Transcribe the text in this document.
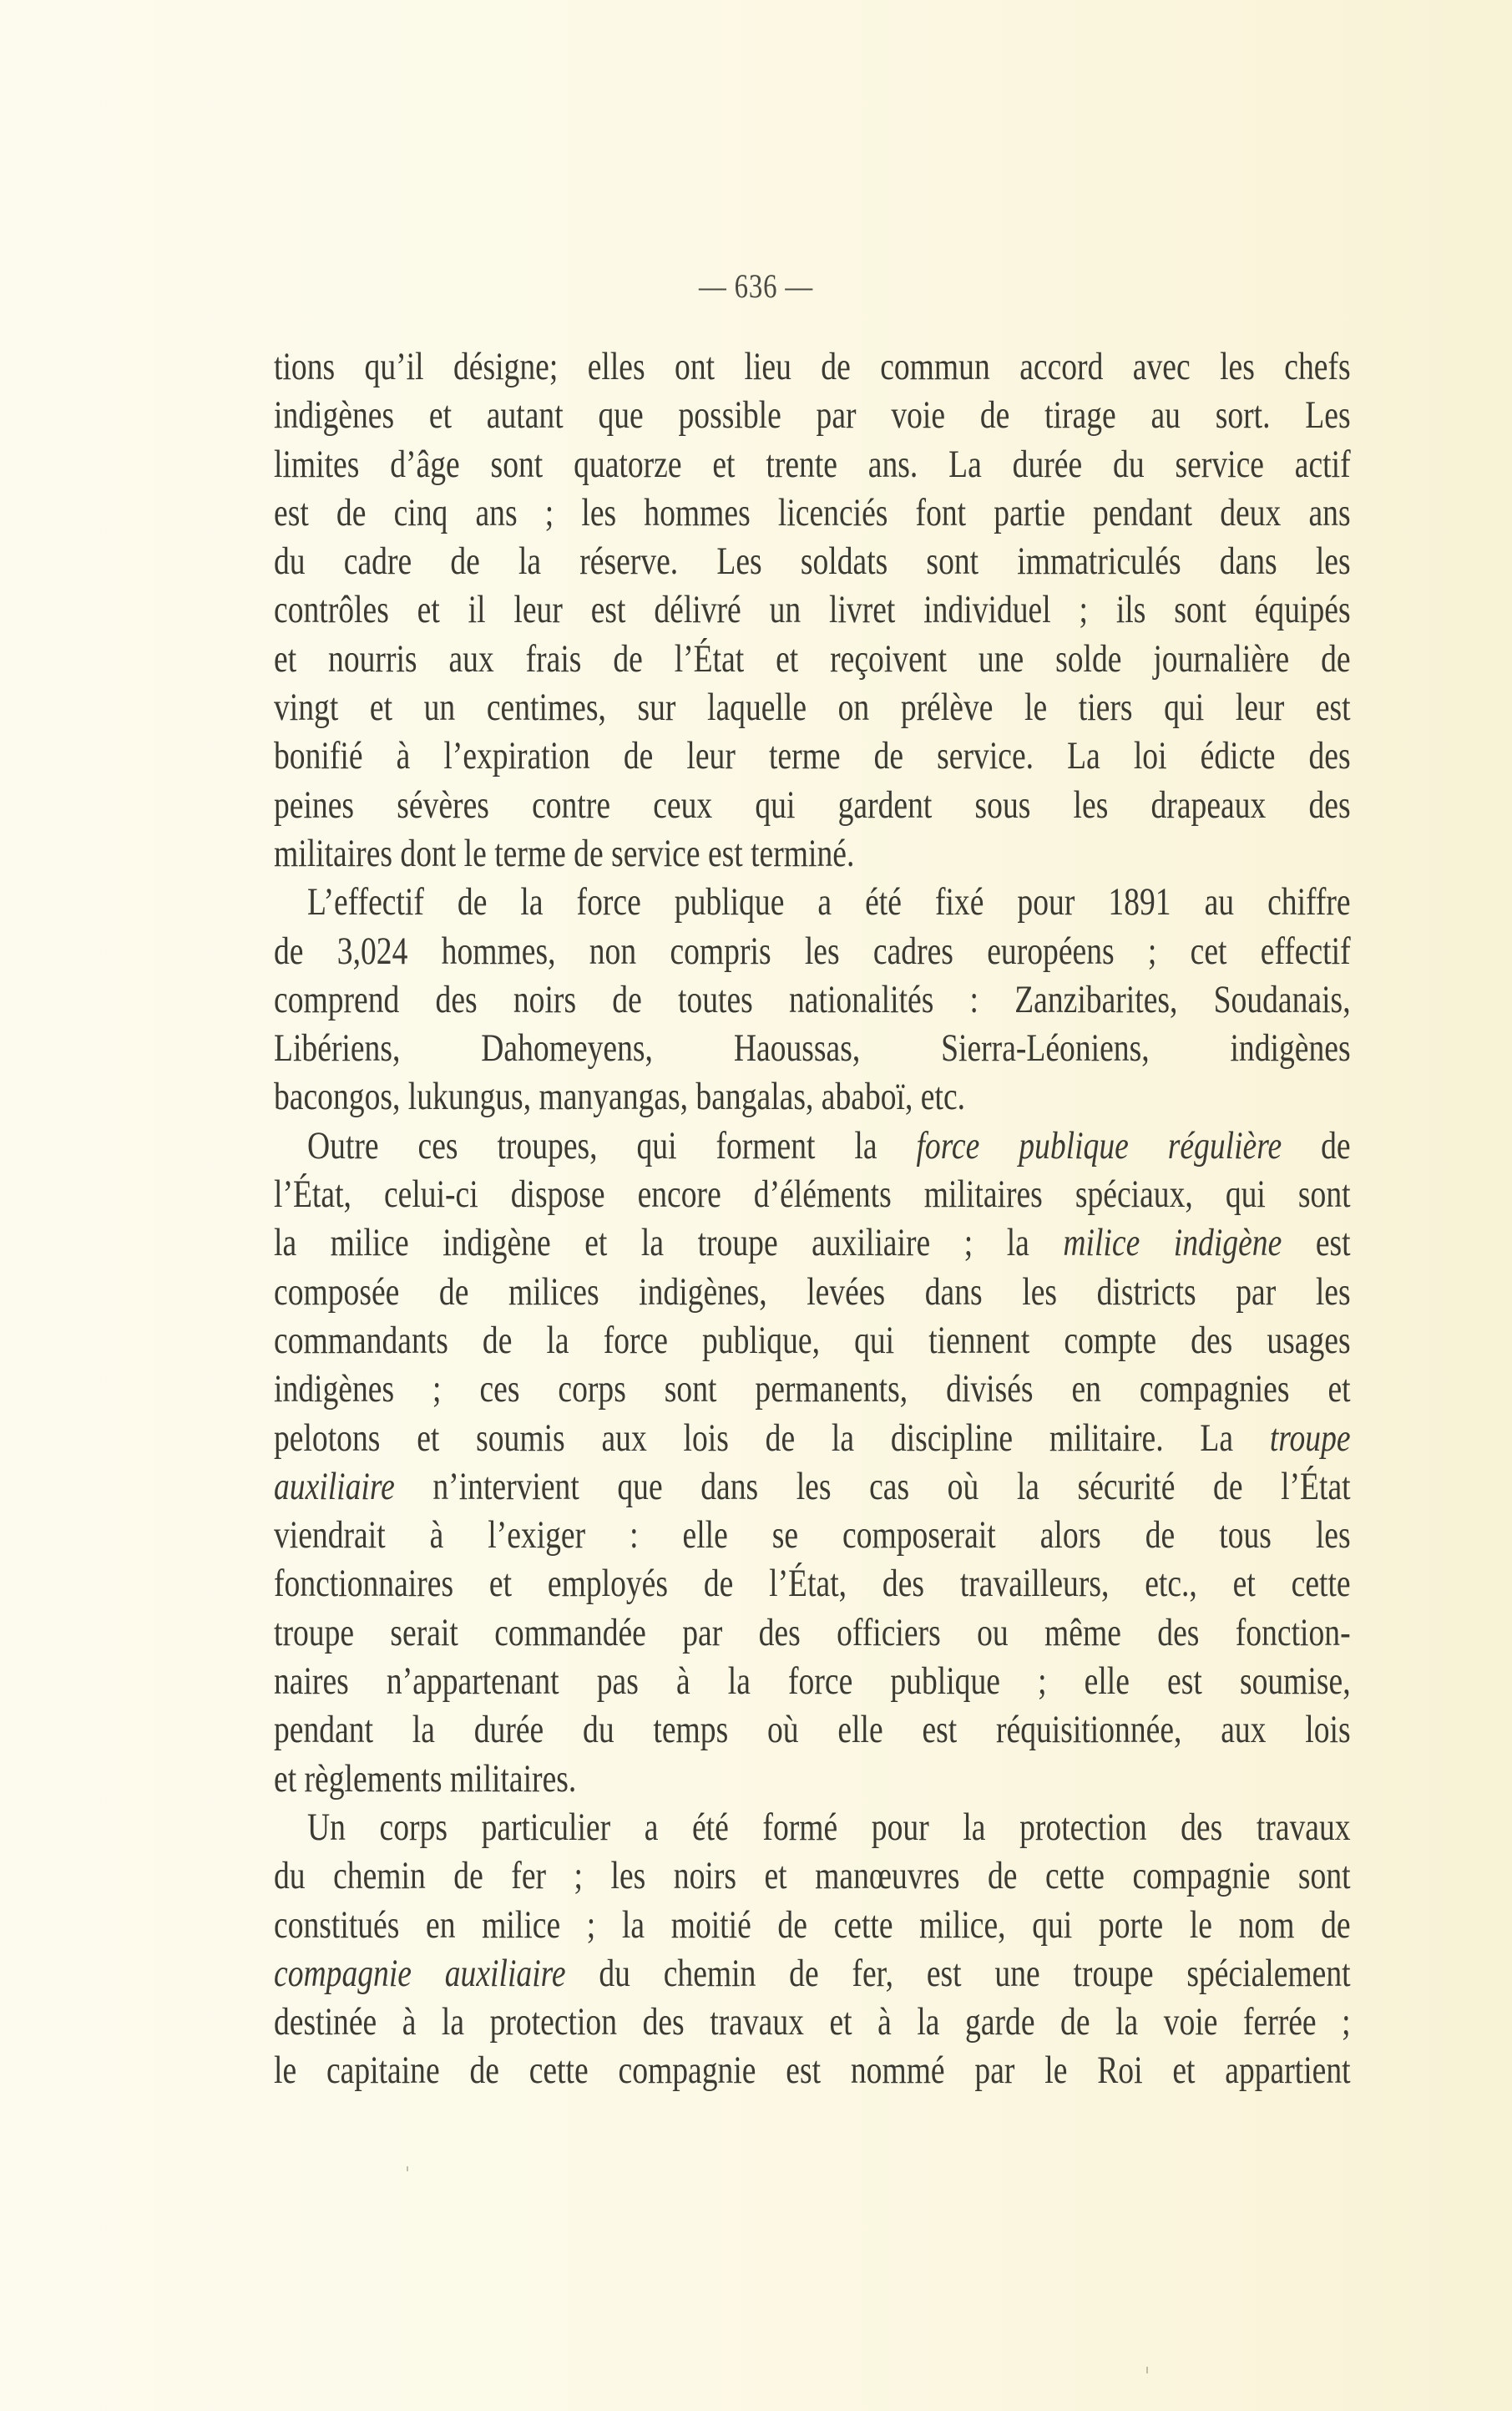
— 636 —
tions qu’il désigne; elles ont lieu de commun accord avec les chefs
indigènes et autant que possible par voie de tirage au sort. Les
limites d’âge sont quatorze et trente ans. La durée du service actif
est de cinq ans ; les hommes licenciés font partie pendant deux ans
du cadre de la réserve. Les soldats sont immatriculés dans les
contrôles et il leur est délivré un livret individuel ; ils sont équipés
et nourris aux frais de l’État et reçoivent une solde journalière de
vingt et un centimes, sur laquelle on prélève le tiers qui leur est
bonifié à l’expiration de leur terme de service. La loi édicte des
peines sévères contre ceux qui gardent sous les drapeaux des
militaires dont le terme de service est terminé.
L’effectif de la force publique a été fixé pour 1891 au chiffre
de 3,024 hommes, non compris les cadres européens ; cet effectif
comprend des noirs de toutes nationalités : Zanzibarites, Soudanais,
Libériens, Dahomeyens, Haoussas, Sierra-Léoniens, indigènes
bacongos, lukungus, manyangas, bangalas, ababoï, etc.
Outre ces troupes, qui forment la force publique régulière de
l’État, celui-ci dispose encore d’éléments militaires spéciaux, qui sont
la milice indigène et la troupe auxiliaire ; la milice indigène est
composée de milices indigènes, levées dans les districts par les
commandants de la force publique, qui tiennent compte des usages
indigènes ; ces corps sont permanents, divisés en compagnies et
pelotons et soumis aux lois de la discipline militaire. La troupe
auxiliaire n’intervient que dans les cas où la sécurité de l’État
viendrait à l’exiger : elle se composerait alors de tous les
fonctionnaires et employés de l’État, des travailleurs, etc., et cette
troupe serait commandée par des officiers ou même des fonction-
naires n’appartenant pas à la force publique ; elle est soumise,
pendant la durée du temps où elle est réquisitionnée, aux lois
et règlements militaires.
Un corps particulier a été formé pour la protection des travaux
du chemin de fer ; les noirs et manœuvres de cette compagnie sont
constitués en milice ; la moitié de cette milice, qui porte le nom de
compagnie auxiliaire du chemin de fer, est une troupe spécialement
destinée à la protection des travaux et à la garde de la voie ferrée ;
le capitaine de cette compagnie est nommé par le Roi et appartient
